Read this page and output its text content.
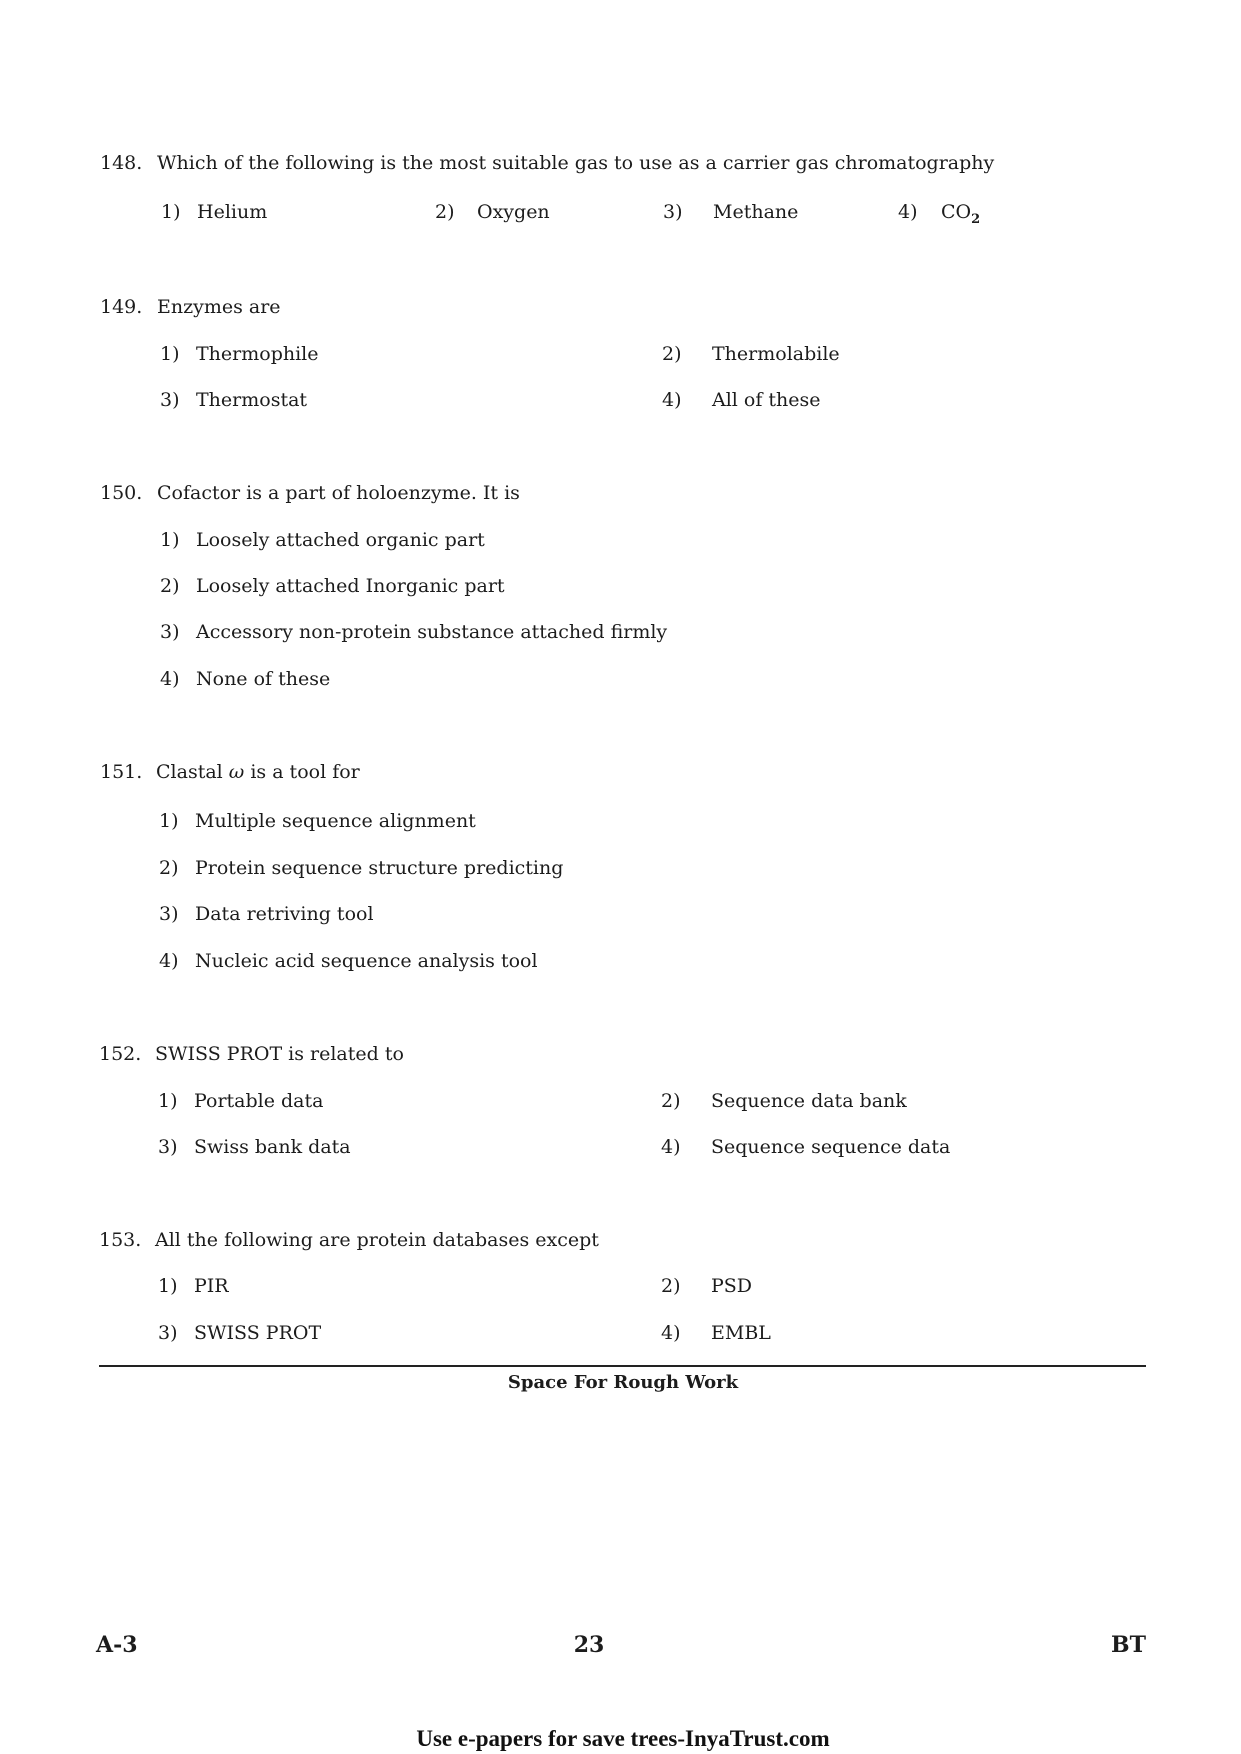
148. Which of the following is the most suitable gas to use as a carrier gas chromatography
1) Helium	2) Oxygen	3) Methane	4) $CO_2$
149. Enzymes are
1) Thermophile	2) Thermolabile
3) Thermostat	4) All of these
150. Cofactor is a part of holoenzyme. It is
1) Loosely attached organic part
2) Loosely attached Inorganic part
3) Accessory non-protein substance attached firmly
4) None of these
151. Clastal ω is a tool for
1) Multiple sequence alignment
2) Protein sequence structure predicting
3) Data retriving tool
4) Nucleic acid sequence analysis tool
152. SWISS PROT is related to
1) Portable data	2) Sequence data bank
3) Swiss bank data	4) Sequence sequence data
153. All the following are protein databases except
1) PIR	2) PSD
3) SWISS PROT	4) EMBL
Space For Rough Work
A-3	23	BT
Use e-papers for save trees-InyaTrust.com
